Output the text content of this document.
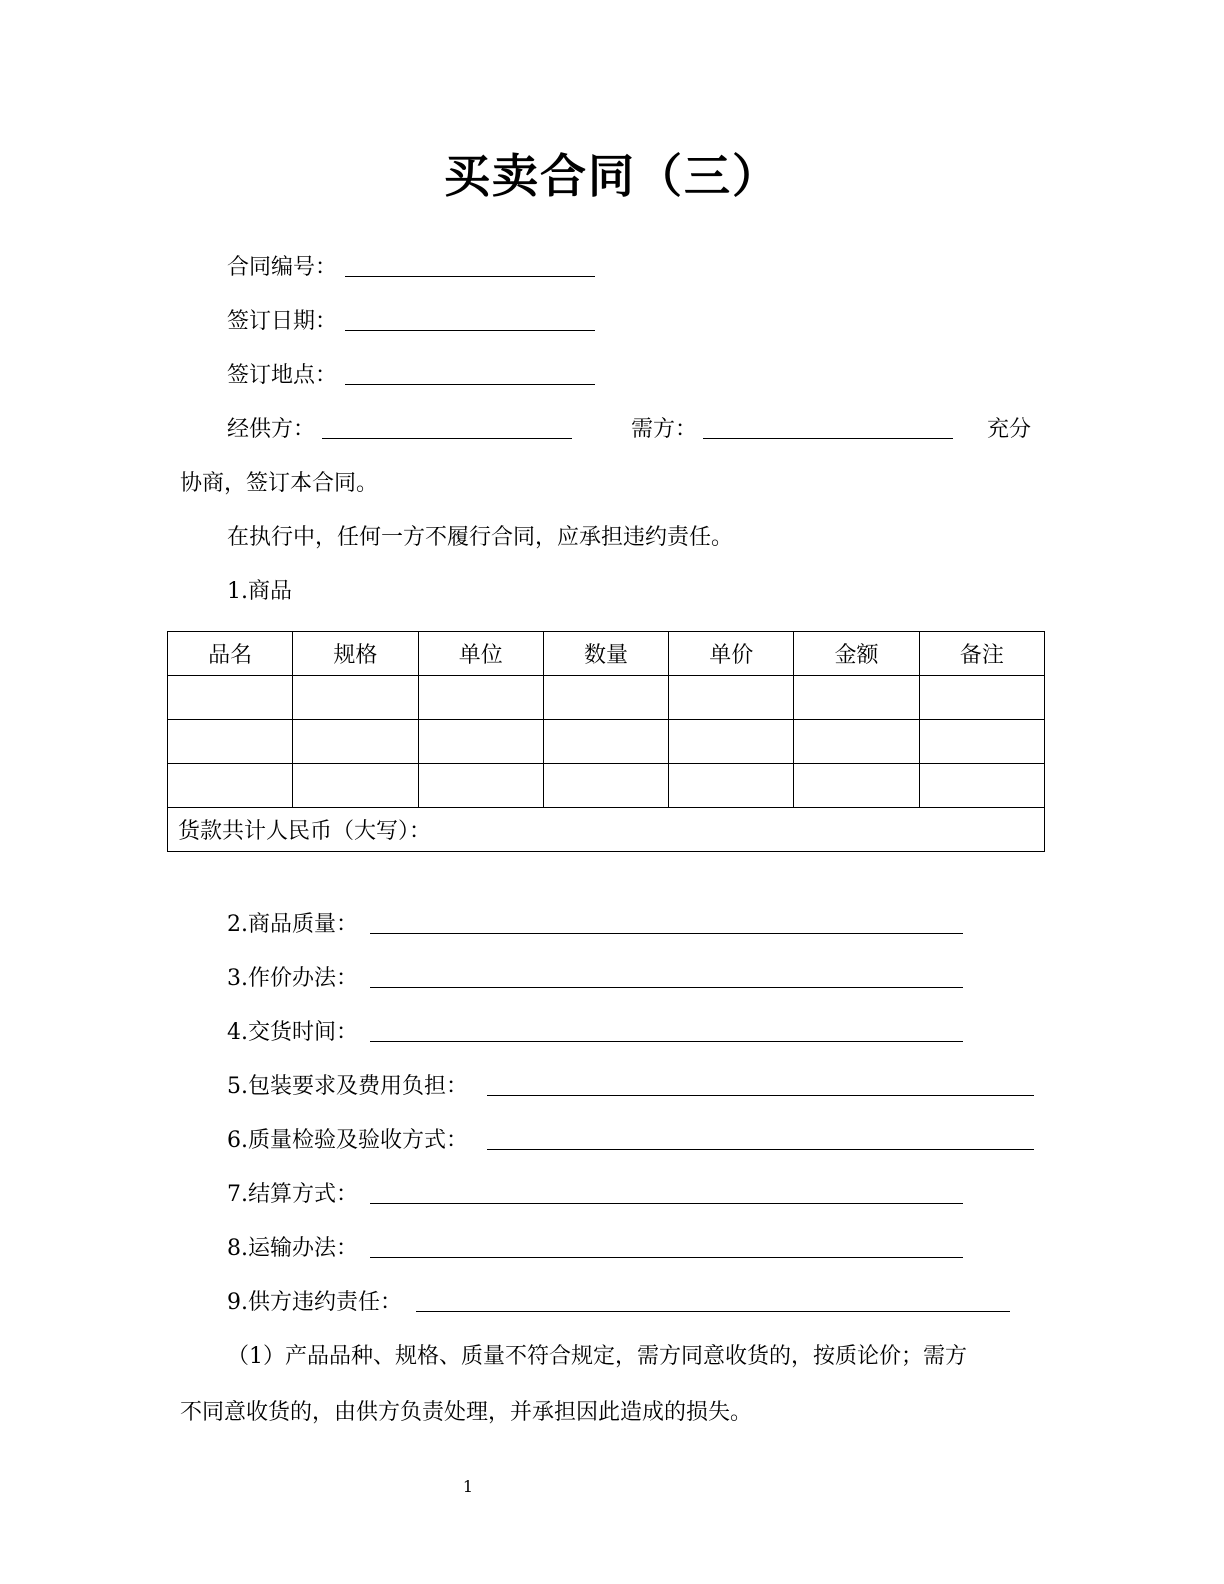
买卖合同（三）
合同编号：
签订日期：
签订地点：
经供方：	需方：	充分
协商，签订本合同。
在执行中，任何一方不履行合同，应承担违约责任。
1.商品
品名	规格	单位	数量	单价	金额	备注

货款共计人民币（大写）：						
2.商品质量：
3.作价办法：
4.交货时间：
5.包装要求及费用负担：
6.质量检验及验收方式：
7.结算方式：
8.运输办法：
9.供方违约责任：
（1）产品品种、规格、质量不符合规定，需方同意收货的，按质论价；需方
不同意收货的，由供方负责处理，并承担因此造成的损失。
1
